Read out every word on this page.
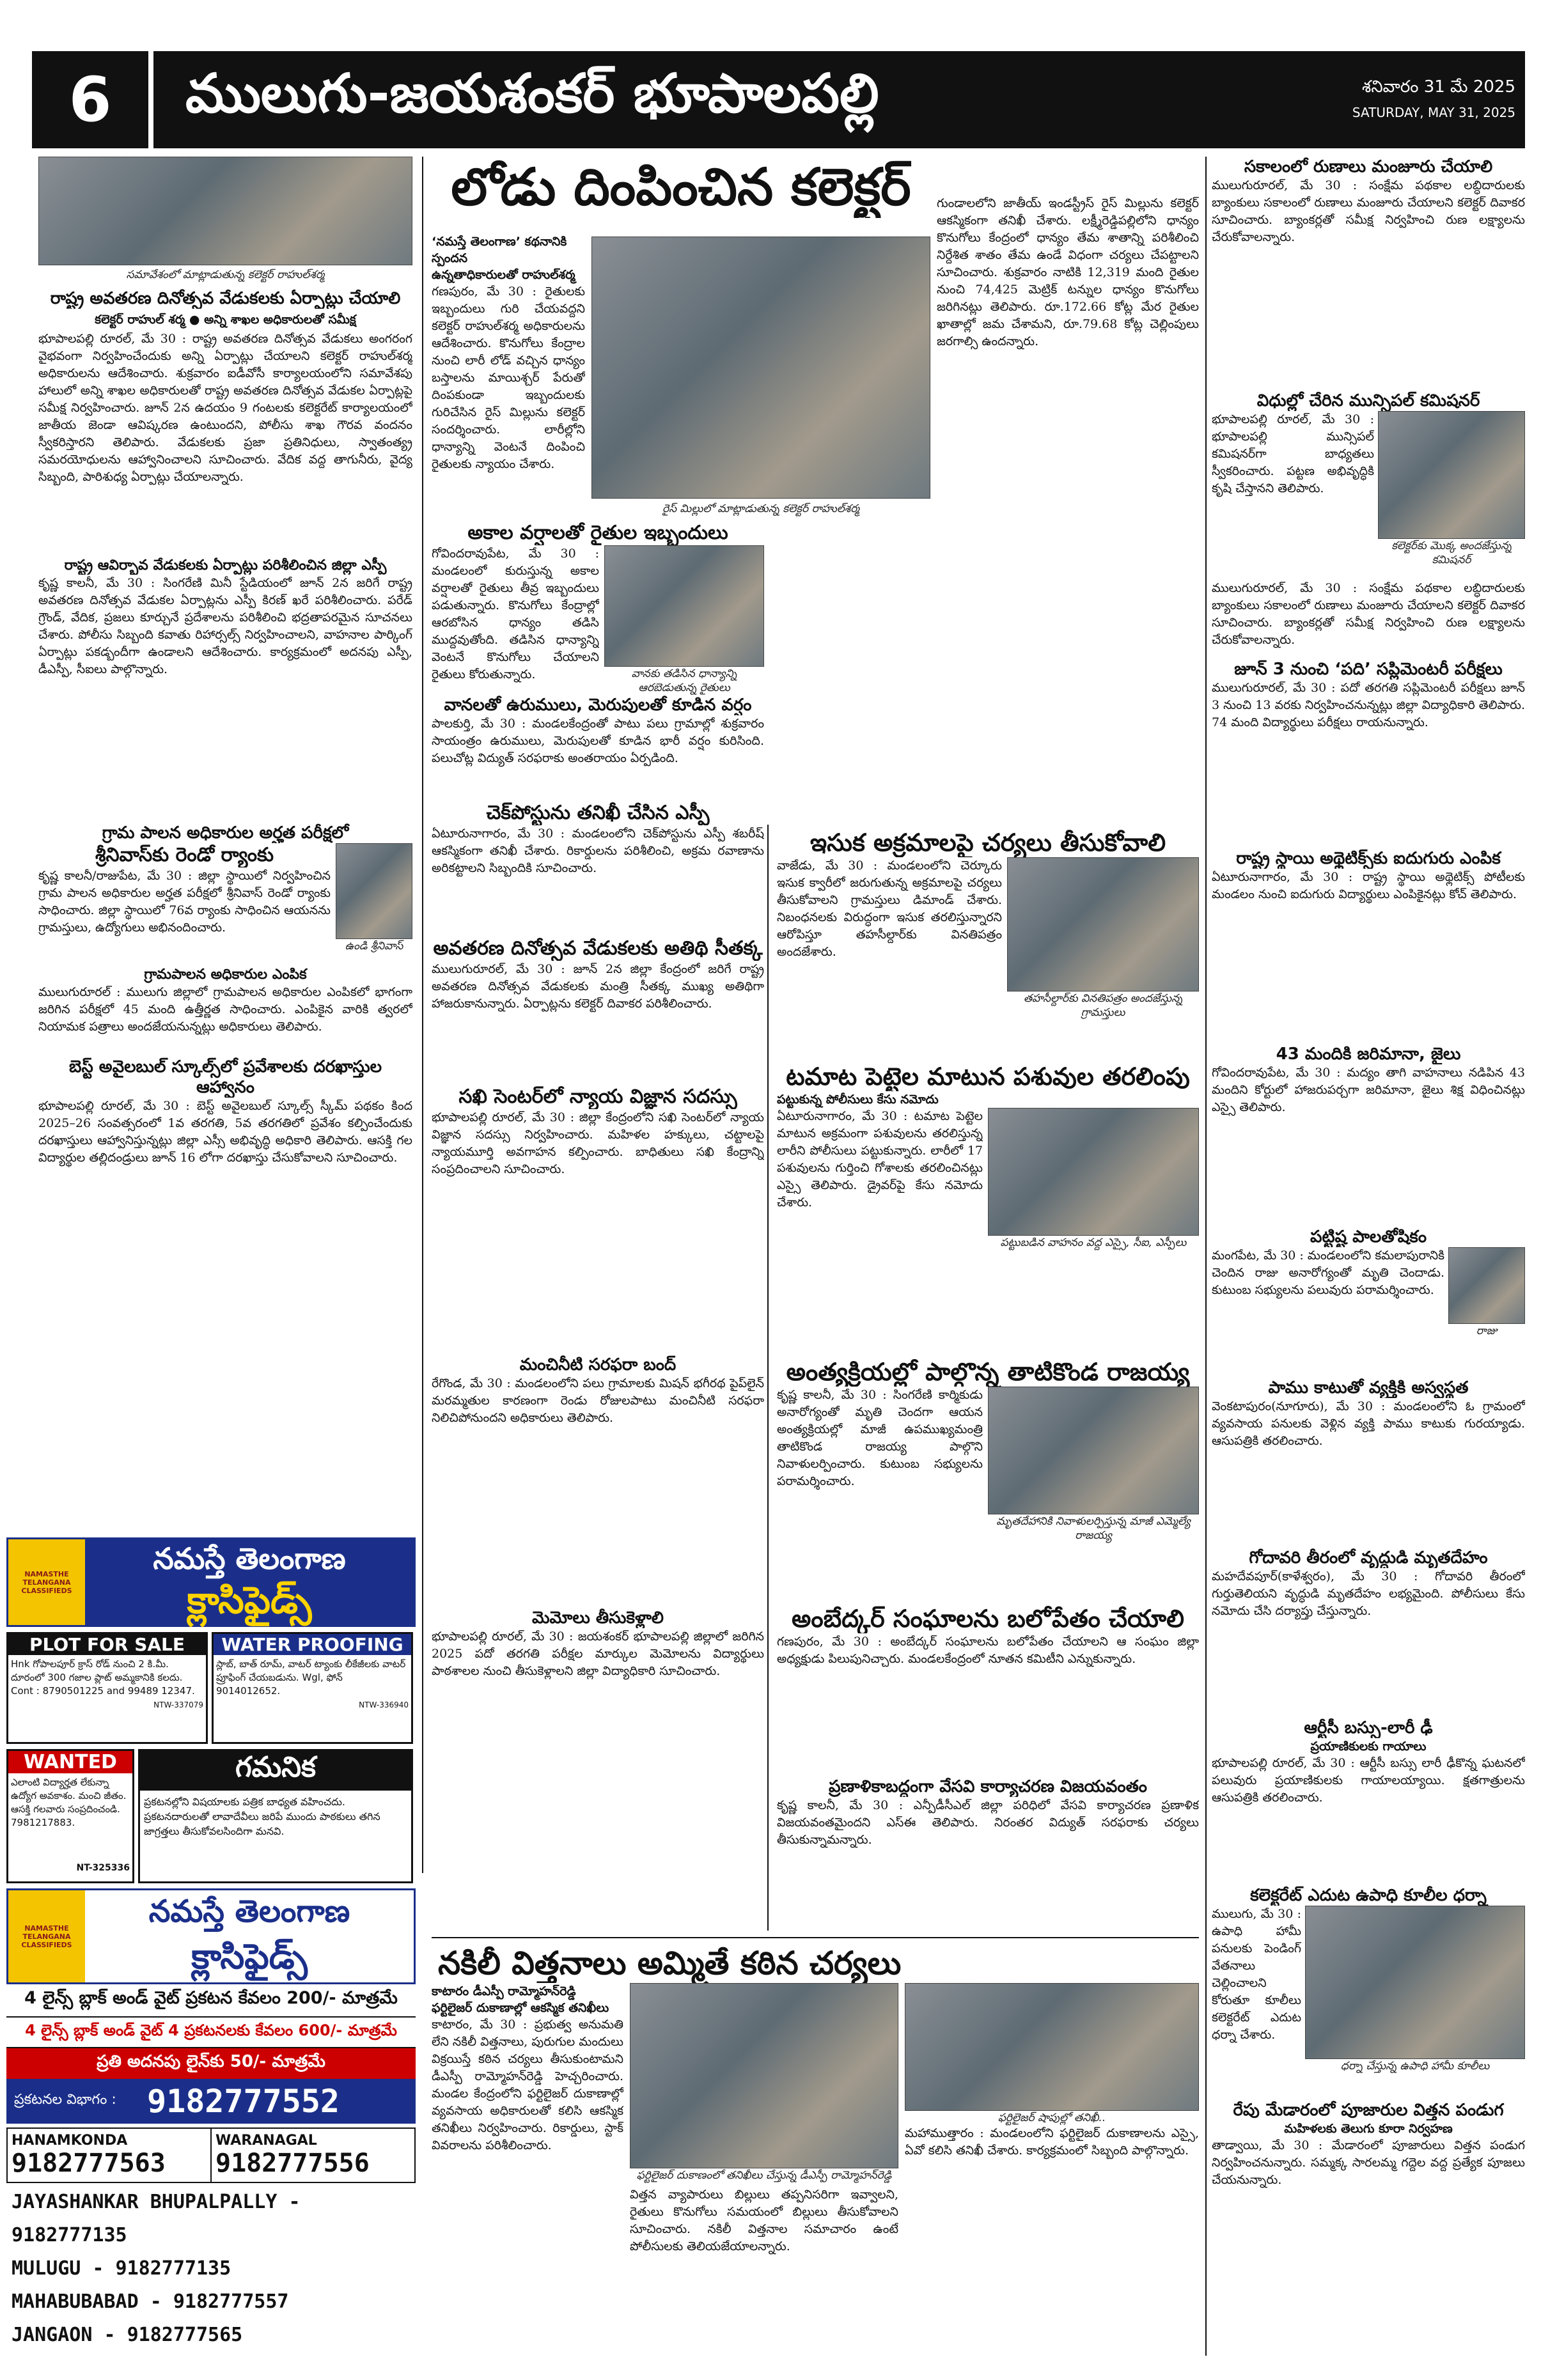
6	ములుగు-జయశంకర్ భూపాలపల్లి	శనివారం 31 మే 2025
SATURDAY, MAY 31, 2025
సమావేశంలో మాట్లాడుతున్న కలెక్టర్ రాహుల్‌శర్మ
రాష్ట్ర అవతరణ దినోత్సవ వేడుకలకు ఏర్పాట్లు చేయాలి
కలెక్టర్ రాహుల్ శర్మ ● అన్ని శాఖల అధికారులతో సమీక్ష

భూపాలపల్లి రూరల్, మే 30 : రాష్ట్ర అవతరణ దినోత్సవ వేడుకలు అంగరంగ వైభవంగా నిర్వహించేందుకు అన్ని ఏర్పాట్లు చేయాలని కలెక్టర్ రాహుల్‌శర్మ అధికారులను ఆదేశించారు. శుక్రవారం ఐడీవోసీ కార్యాలయంలోని సమావేశపు హాలులో అన్ని శాఖల అధికారులతో రాష్ట్ర అవతరణ దినోత్సవ వేడుకల ఏర్పాట్లపై సమీక్ష నిర్వహించారు. జూన్ 2న ఉదయం 9 గంటలకు కలెక్టరేట్ కార్యాలయంలో జాతీయ జెండా ఆవిష్కరణ ఉంటుందని, పోలీసు శాఖ గౌరవ వందనం స్వీకరిస్తారని తెలిపారు. వేడుకలకు ప్రజా ప్రతినిధులు, స్వాతంత్య్ర సమరయోధులను ఆహ్వానించాలని సూచించారు. వేదిక వద్ద తాగునీరు, వైద్య సిబ్బంది, పారిశుధ్య ఏర్పాట్లు చేయాలన్నారు.

రాష్ట్ర ఆవిర్భావ వేడుకలకు ఏర్పాట్లు పరిశీలించిన జిల్లా ఎస్పీ

కృష్ణ కాలనీ, మే 30 : సింగరేణి మినీ స్టేడియంలో జూన్ 2న జరిగే రాష్ట్ర అవతరణ దినోత్సవ వేడుకల ఏర్పాట్లను ఎస్పీ కిరణ్ ఖరే పరిశీలించారు. పరేడ్ గ్రౌండ్, వేదిక, ప్రజలు కూర్చునే ప్రదేశాలను పరిశీలించి భద్రతాపరమైన సూచనలు చేశారు. పోలీసు సిబ్బంది కవాతు రిహార్సల్స్ నిర్వహించాలని, వాహనాల పార్కింగ్ ఏర్పాట్లు పకడ్బందీగా ఉండాలని ఆదేశించారు. కార్యక్రమంలో అదనపు ఎస్పీ, డీఎస్పీ, సీఐలు పాల్గొన్నారు.

గ్రామ పాలన అధికారుల అర్హత పరీక్షలో
శ్రీనివాస్‌కు రెండో ర్యాంకు

కృష్ణ కాలనీ/రాజుపేట, మే 30 : జిల్లా స్థాయిలో నిర్వహించిన గ్రామ పాలన అధికారుల అర్హత పరీక్షలో శ్రీనివాస్ రెండో ర్యాంకు సాధించారు. జిల్లా స్థాయిలో 76వ ర్యాంకు సాధించిన ఆయనను గ్రామస్తులు, ఉద్యోగులు అభినందించారు.

ఉండి శ్రీనివాస్
గ్రామపాలన అధికారుల ఎంపిక

ములుగురూరల్ : ములుగు జిల్లాలో గ్రామపాలన అధికారుల ఎంపికలో భాగంగా జరిగిన పరీక్షలో 45 మంది ఉత్తీర్ణత సాధించారు. ఎంపికైన వారికి త్వరలో నియామక పత్రాలు అందజేయనున్నట్లు అధికారులు తెలిపారు.

బెస్ట్ అవైలబుల్ స్కూల్స్‌లో ప్రవేశాలకు దరఖాస్తుల ఆహ్వానం

భూపాలపల్లి రూరల్, మే 30 : బెస్ట్ అవైలబుల్ స్కూల్స్ స్కీమ్ పథకం కింద 2025–26 సంవత్సరంలో 1వ తరగతి, 5వ తరగతిలో ప్రవేశం కల్పించేందుకు దరఖాస్తులు ఆహ్వానిస్తున్నట్లు జిల్లా ఎస్సీ అభివృద్ధి అధికారి తెలిపారు. ఆసక్తి గల విద్యార్థుల తల్లిదండ్రులు జూన్ 16 లోగా దరఖాస్తు చేసుకోవాలని సూచించారు.

NAMASTHE TELANGANA CLASSIFIEDS
నమస్తే తెలంగాణ
క్లాసిఫైడ్స్
PLOT FOR SALE
Hnk గోపాలపూర్ క్రాస్ రోడ్ నుంచి 2 కి.మీ. దూరంలో 300 గజాల ప్లాట్ అమ్మకానికి కలదు. Cont : 8790501225 and 99489 12347.
NTW-337079
WATER PROOFING
స్లాబ్, బాత్ రూమ్, వాటర్ ట్యాంకు లీకేజీలకు వాటర్ ప్రూఫింగ్ చేయబడును. Wgl, ఫోన్ 9014012652.
NTW-336940
WANTED
ఎలాంటి విద్యార్హత లేకున్నా ఉద్యోగ అవకాశం. మంచి జీతం. ఆసక్తి గలవారు సంప్రదించండి. 7981217883.
NT-325336
గమనిక
ప్రకటనల్లోని విషయాలకు పత్రిక బాధ్యత వహించదు. ప్రకటనదారులతో లావాదేవీలు జరిపే ముందు పాఠకులు తగిన జాగ్రత్తలు తీసుకోవలసిందిగా మనవి.
NAMASTHE TELANGANA CLASSIFIEDS
నమస్తే తెలంగాణ
క్లాసిఫైడ్స్
4 లైన్స్ బ్లాక్ అండ్ వైట్ ప్రకటన కేవలం 200/- మాత్రమే
4 లైన్స్ బ్లాక్ అండ్ వైట్ 4 ప్రకటనలకు కేవలం 600/- మాత్రమే
ప్రతి అదనపు లైన్‌కు 50/- మాత్రమే
ప్రకటనల విభాగం : 9182777552
HANAMKONDA
9182777563
WARANAGAL
9182777556
JAYASHANKAR BHUPALPALLY - 9182777135
MULUGU - 9182777135
MAHABUBABAD - 9182777557
JANGAON - 9182777565
లోడు దింపించిన కలెక్టర్
‘నమస్తే తెలంగాణ’ కథనానికి స్పందన
ఉన్నతాధికారులతో రాహుల్‌శర్మ

గణపురం, మే 30 : రైతులకు ఇబ్బందులు గురి చేయవద్దని కలెక్టర్ రాహుల్‌శర్మ అధికారులను ఆదేశించారు. కొనుగోలు కేంద్రాల నుంచి లారీ లోడ్ వచ్చిన ధాన్యం బస్తాలను మాయిశ్చర్ పేరుతో దింపకుండా ఇబ్బందులకు గురిచేసిన రైస్ మిల్లును కలెక్టర్ సందర్శించారు. లారీల్లోని ధాన్యాన్ని వెంటనే దింపించి రైతులకు న్యాయం చేశారు.

రైస్ మిల్లులో మాట్లాడుతున్న కలెక్టర్ రాహుల్‌శర్మ

గుండాలలోని జాతీయ్ ఇండస్ట్రీస్ రైస్ మిల్లును కలెక్టర్ ఆకస్మికంగా తనిఖీ చేశారు. లక్ష్మీరెడ్డిపల్లిలోని ధాన్యం కొనుగోలు కేంద్రంలో ధాన్యం తేమ శాతాన్ని పరిశీలించి నిర్దేశిత శాతం తేమ ఉండే విధంగా చర్యలు చేపట్టాలని సూచించారు. శుక్రవారం నాటికి 12,319 మంది రైతుల నుంచి 74,425 మెట్రిక్ టన్నుల ధాన్యం కొనుగోలు జరిగినట్లు తెలిపారు. రూ.172.66 కోట్ల మేర రైతుల ఖాతాల్లో జమ చేశామని, రూ.79.68 కోట్ల చెల్లింపులు జరగాల్సి ఉందన్నారు.

అకాల వర్షాలతో రైతుల ఇబ్బందులు

గోవిందరావుపేట, మే 30 : మండలంలో కురుస్తున్న అకాల వర్షాలతో రైతులు తీవ్ర ఇబ్బందులు పడుతున్నారు. కొనుగోలు కేంద్రాల్లో ఆరబోసిన ధాన్యం తడిసి ముద్దవుతోంది. తడిసిన ధాన్యాన్ని వెంటనే కొనుగోలు చేయాలని రైతులు కోరుతున్నారు.	వానకు తడిసిన ధాన్యాన్ని ఆరబెడుతున్న రైతులు
వానలతో ఉరుములు, మెరుపులతో కూడిన వర్షం

పాలకుర్తి, మే 30 : మండలకేంద్రంతో పాటు పలు గ్రామాల్లో శుక్రవారం సాయంత్రం ఉరుములు, మెరుపులతో కూడిన భారీ వర్షం కురిసింది. పలుచోట్ల విద్యుత్ సరఫరాకు అంతరాయం ఏర్పడింది.

చెక్‌పోస్టును తనిఖీ చేసిన ఎస్పీ

ఏటూరునాగారం, మే 30 : మండలంలోని చెక్‌పోస్టును ఎస్పీ శబరీష్ ఆకస్మికంగా తనిఖీ చేశారు. రికార్డులను పరిశీలించి, అక్రమ రవాణాను అరికట్టాలని సిబ్బందికి సూచించారు.

అవతరణ దినోత్సవ వేడుకలకు అతిథి సీతక్క

ములుగురూరల్, మే 30 : జూన్ 2న జిల్లా కేంద్రంలో జరిగే రాష్ట్ర అవతరణ దినోత్సవ వేడుకలకు మంత్రి సీతక్క ముఖ్య అతిథిగా హాజరుకానున్నారు. ఏర్పాట్లను కలెక్టర్ దివాకర పరిశీలించారు.

సఖి సెంటర్‌లో న్యాయ విజ్ఞాన సదస్సు

భూపాలపల్లి రూరల్, మే 30 : జిల్లా కేంద్రంలోని సఖి సెంటర్‌లో న్యాయ విజ్ఞాన సదస్సు నిర్వహించారు. మహిళల హక్కులు, చట్టాలపై న్యాయమూర్తి అవగాహన కల్పించారు. బాధితులు సఖి కేంద్రాన్ని సంప్రదించాలని సూచించారు.

మంచినీటి సరఫరా బంద్

రేగొండ, మే 30 : మండలంలోని పలు గ్రామాలకు మిషన్ భగీరథ పైప్‌లైన్ మరమ్మతుల కారణంగా రెండు రోజులపాటు మంచినీటి సరఫరా నిలిచిపోనుందని అధికారులు తెలిపారు.

మెమోలు తీసుకెళ్లాలి

భూపాలపల్లి రూరల్, మే 30 : జయశంకర్ భూపాలపల్లి జిల్లాలో జరిగిన 2025 పదో తరగతి పరీక్షల మార్కుల మెమోలను విద్యార్థులు పాఠశాలల నుంచి తీసుకెళ్లాలని జిల్లా విద్యాధికారి సూచించారు.

ఇసుక అక్రమాలపై చర్యలు తీసుకోవాలి

వాజేడు, మే 30 : మండలంలోని చెర్కూరు ఇసుక క్వారీలో జరుగుతున్న అక్రమాలపై చర్యలు తీసుకోవాలని గ్రామస్తులు డిమాండ్ చేశారు. నిబంధనలకు విరుద్ధంగా ఇసుక తరలిస్తున్నారని ఆరోపిస్తూ తహసీల్దార్‌కు వినతిపత్రం అందజేశారు.

తహసీల్దార్‌కు వినతిపత్రం అందజేస్తున్న గ్రామస్తులు
టమాట పెట్టెల మాటున పశువుల తరలింపు
పట్టుకున్న పోలీసులు కేసు నమోదు

ఏటూరునాగారం, మే 30 : టమాట పెట్టెల మాటున అక్రమంగా పశువులను తరలిస్తున్న లారీని పోలీసులు పట్టుకున్నారు. లారీలో 17 పశువులను గుర్తించి గోశాలకు తరలించినట్లు ఎస్సై తెలిపారు. డ్రైవర్‌పై కేసు నమోదు చేశారు.

పట్టుబడిన వాహనం వద్ద ఎస్సై, సీఐ, ఎస్పీలు
అంత్యక్రియల్లో పాల్గొన్న తాటికొండ రాజయ్య

కృష్ణ కాలనీ, మే 30 : సింగరేణి కార్మికుడు అనారోగ్యంతో మృతి చెందగా ఆయన అంత్యక్రియల్లో మాజీ ఉపముఖ్యమంత్రి తాటికొండ రాజయ్య పాల్గొని నివాళులర్పించారు. కుటుంబ సభ్యులను పరామర్శించారు.

మృతదేహానికి నివాళులర్పిస్తున్న మాజీ ఎమ్మెల్యే రాజయ్య
అంబేద్కర్ సంఘాలను బలోపేతం చేయాలి

గణపురం, మే 30 : అంబేద్కర్ సంఘాలను బలోపేతం చేయాలని ఆ సంఘం జిల్లా అధ్యక్షుడు పిలుపునిచ్చారు. మండలకేంద్రంలో నూతన కమిటీని ఎన్నుకున్నారు.

ప్రణాళికాబద్ధంగా వేసవి కార్యాచరణ విజయవంతం

కృష్ణ కాలనీ, మే 30 : ఎన్పీడీసీఎల్ జిల్లా పరిధిలో వేసవి కార్యాచరణ ప్రణాళిక విజయవంతమైందని ఎస్ఈ తెలిపారు. నిరంతర విద్యుత్ సరఫరాకు చర్యలు తీసుకున్నామన్నారు.

నకిలీ విత్తనాలు అమ్మితే కఠిన చర్యలు
కాటారం డీఎస్పీ రామ్మోహన్‌రెడ్డి
ఫర్టిలైజర్ దుకాణాల్లో ఆకస్మిక తనిఖీలు

కాటారం, మే 30 : ప్రభుత్వ అనుమతి లేని నకిలీ విత్తనాలు, పురుగుల మందులు విక్రయిస్తే కఠిన చర్యలు తీసుకుంటామని డీఎస్పీ రామ్మోహన్‌రెడ్డి హెచ్చరించారు. మండల కేంద్రంలోని ఫర్టిలైజర్ దుకాణాల్లో వ్యవసాయ అధికారులతో కలిసి ఆకస్మిక తనిఖీలు నిర్వహించారు. రికార్డులు, స్టాక్ వివరాలను పరిశీలించారు.

ఫర్టిలైజర్ దుకాణంలో తనిఖీలు చేస్తున్న డీఎస్పీ రామ్మోహన్‌రెడ్డి

విత్తన వ్యాపారులు బిల్లులు తప్పనిసరిగా ఇవ్వాలని, రైతులు కొనుగోలు సమయంలో బిల్లులు తీసుకోవాలని సూచించారు. నకిలీ విత్తనాల సమాచారం ఉంటే పోలీసులకు తెలియజేయాలన్నారు.

ఫర్టిలైజర్ షాపుల్లో తనిఖీ..

మహాముత్తారం : మండలంలోని ఫర్టిలైజర్ దుకాణాలను ఎస్సై, ఏవో కలిసి తనిఖీ చేశారు. కార్యక్రమంలో సిబ్బంది పాల్గొన్నారు.

సకాలంలో రుణాలు మంజూరు చేయాలి

ములుగురూరల్, మే 30 : సంక్షేమ పథకాల లబ్ధిదారులకు బ్యాంకులు సకాలంలో రుణాలు మంజూరు చేయాలని కలెక్టర్ దివాకర సూచించారు. బ్యాంకర్లతో సమీక్ష నిర్వహించి రుణ లక్ష్యాలను చేరుకోవాలన్నారు.

విధుల్లో చేరిన మున్సిపల్ కమిషనర్

భూపాలపల్లి రూరల్, మే 30 : భూపాలపల్లి మున్సిపల్ కమిషనర్‌గా బాధ్యతలు స్వీకరించారు. పట్టణ అభివృద్ధికి కృషి చేస్తానని తెలిపారు.

కలెక్టర్‌కు మొక్క అందజేస్తున్న కమిషనర్

ములుగురూరల్, మే 30 : సంక్షేమ పథకాల లబ్ధిదారులకు బ్యాంకులు సకాలంలో రుణాలు మంజూరు చేయాలని కలెక్టర్ దివాకర సూచించారు. బ్యాంకర్లతో సమీక్ష నిర్వహించి రుణ లక్ష్యాలను చేరుకోవాలన్నారు.

జూన్ 3 నుంచి ‘పది’ సప్లిమెంటరీ పరీక్షలు

ములుగురూరల్, మే 30 : పదో తరగతి సప్లిమెంటరీ పరీక్షలు జూన్ 3 నుంచి 13 వరకు నిర్వహించనున్నట్లు జిల్లా విద్యాధికారి తెలిపారు. 74 మంది విద్యార్థులు పరీక్షలు రాయనున్నారు.

రాష్ట్ర స్థాయి అథ్లెటిక్స్‌కు ఐదుగురు ఎంపిక

ఏటూరునాగారం, మే 30 : రాష్ట్ర స్థాయి అథ్లెటిక్స్ పోటీలకు మండలం నుంచి ఐదుగురు విద్యార్థులు ఎంపికైనట్లు కోచ్ తెలిపారు.

43 మందికి జరిమానా, జైలు

గోవిందరావుపేట, మే 30 : మద్యం తాగి వాహనాలు నడిపిన 43 మందిని కోర్టులో హాజరుపర్చగా జరిమానా, జైలు శిక్ష విధించినట్లు ఎస్సై తెలిపారు.

పట్టిష్ట పాలతోషికం

మంగపేట, మే 30 : మండలంలోని కమలాపురానికి చెందిన రాజు అనారోగ్యంతో మృతి చెందాడు. కుటుంబ సభ్యులను పలువురు పరామర్శించారు.

రాజు
పాము కాటుతో వ్యక్తికి అస్వస్థత

వెంకటాపురం(నూగూరు), మే 30 : మండలంలోని ఓ గ్రామంలో వ్యవసాయ పనులకు వెళ్లిన వ్యక్తి పాము కాటుకు గురయ్యాడు. ఆసుపత్రికి తరలించారు.

గోదావరి తీరంలో వృద్ధుడి మృతదేహం

మహదేవపూర్(కాళేశ్వరం), మే 30 : గోదావరి తీరంలో గుర్తుతెలియని వృద్ధుడి మృతదేహం లభ్యమైంది. పోలీసులు కేసు నమోదు చేసి దర్యాప్తు చేస్తున్నారు.

ఆర్టీసీ బస్సు-లారీ ఢీ
ప్రయాణికులకు గాయాలు

భూపాలపల్లి రూరల్, మే 30 : ఆర్టీసీ బస్సు లారీ ఢీకొన్న ఘటనలో పలువురు ప్రయాణికులకు గాయాలయ్యాయి. క్షతగాత్రులను ఆసుపత్రికి తరలించారు.

కలెక్టరేట్ ఎదుట ఉపాధి కూలీల ధర్నా

ములుగు, మే 30 : ఉపాధి హామీ పనులకు పెండింగ్ వేతనాలు చెల్లించాలని కోరుతూ కూలీలు కలెక్టరేట్ ఎదుట ధర్నా చేశారు.

ధర్నా చేస్తున్న ఉపాధి హామీ కూలీలు
రేపు మేడారంలో పూజారుల విత్తన పండుగ
మహిళలకు తెలుగు కూరా నిర్వహణ

తాడ్వాయి, మే 30 : మేడారంలో పూజారులు విత్తన పండుగ నిర్వహించనున్నారు. సమ్మక్క సారలమ్మ గద్దెల వద్ద ప్రత్యేక పూజలు చేయనున్నారు.
